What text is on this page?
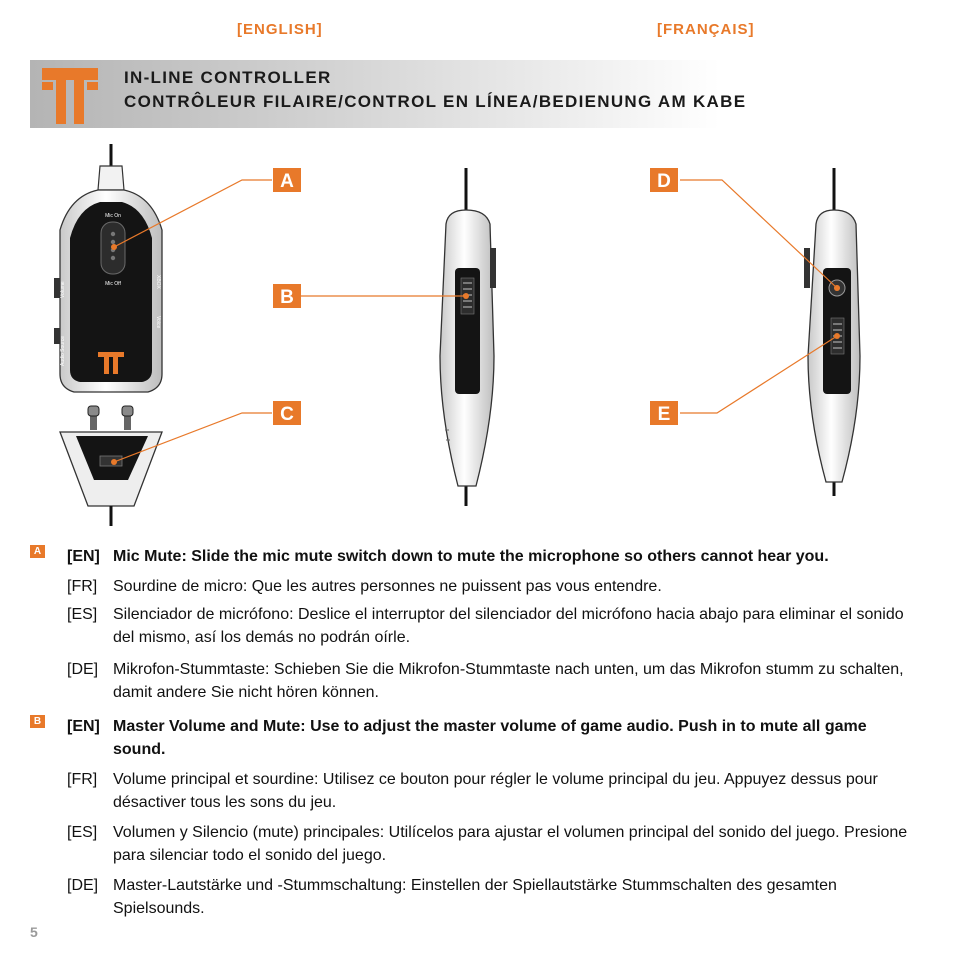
[ENGLISH]	[FRANÇAIS]
IN-LINE CONTROLLER
CONTRÔLEUR FILAIRE/CONTROL EN LÍNEA/BEDIENUNG AM KABE
Mic On
Mic Off
Volume
Audio Source
XBOX
Voice
A
B
C
D
E
A [EN] Mic Mute: Slide the mic mute switch down to mute the microphone so others cannot hear you.
[FR] Sourdine de micro: Que les autres personnes ne puissent pas vous entendre.
[ES] Silenciador de micrófono: Deslice el interruptor del silenciador del micrófono hacia abajo para eliminar el sonido del mismo, así los demás no podrán oírle.
[DE] Mikrofon-Stummtaste: Schieben Sie die Mikrofon-Stummtaste nach unten, um das Mikrofon stumm zu schalten, damit andere Sie nicht hören können.
B [EN] Master Volume and Mute: Use to adjust the master volume of game audio. Push in to mute all game sound.
[FR] Volume principal et sourdine: Utilisez ce bouton pour régler le volume principal du jeu. Appuyez dessus pour désactiver tous les sons du jeu.
[ES] Volumen y Silencio (mute) principales: Utilícelos para ajustar el volumen principal del sonido del juego. Presione para silenciar todo el sonido del juego.
[DE] Master-Lautstärke und -Stummschaltung: Einstellen der Spiellautstärke Stummschalten des gesamten Spielsounds.
5
